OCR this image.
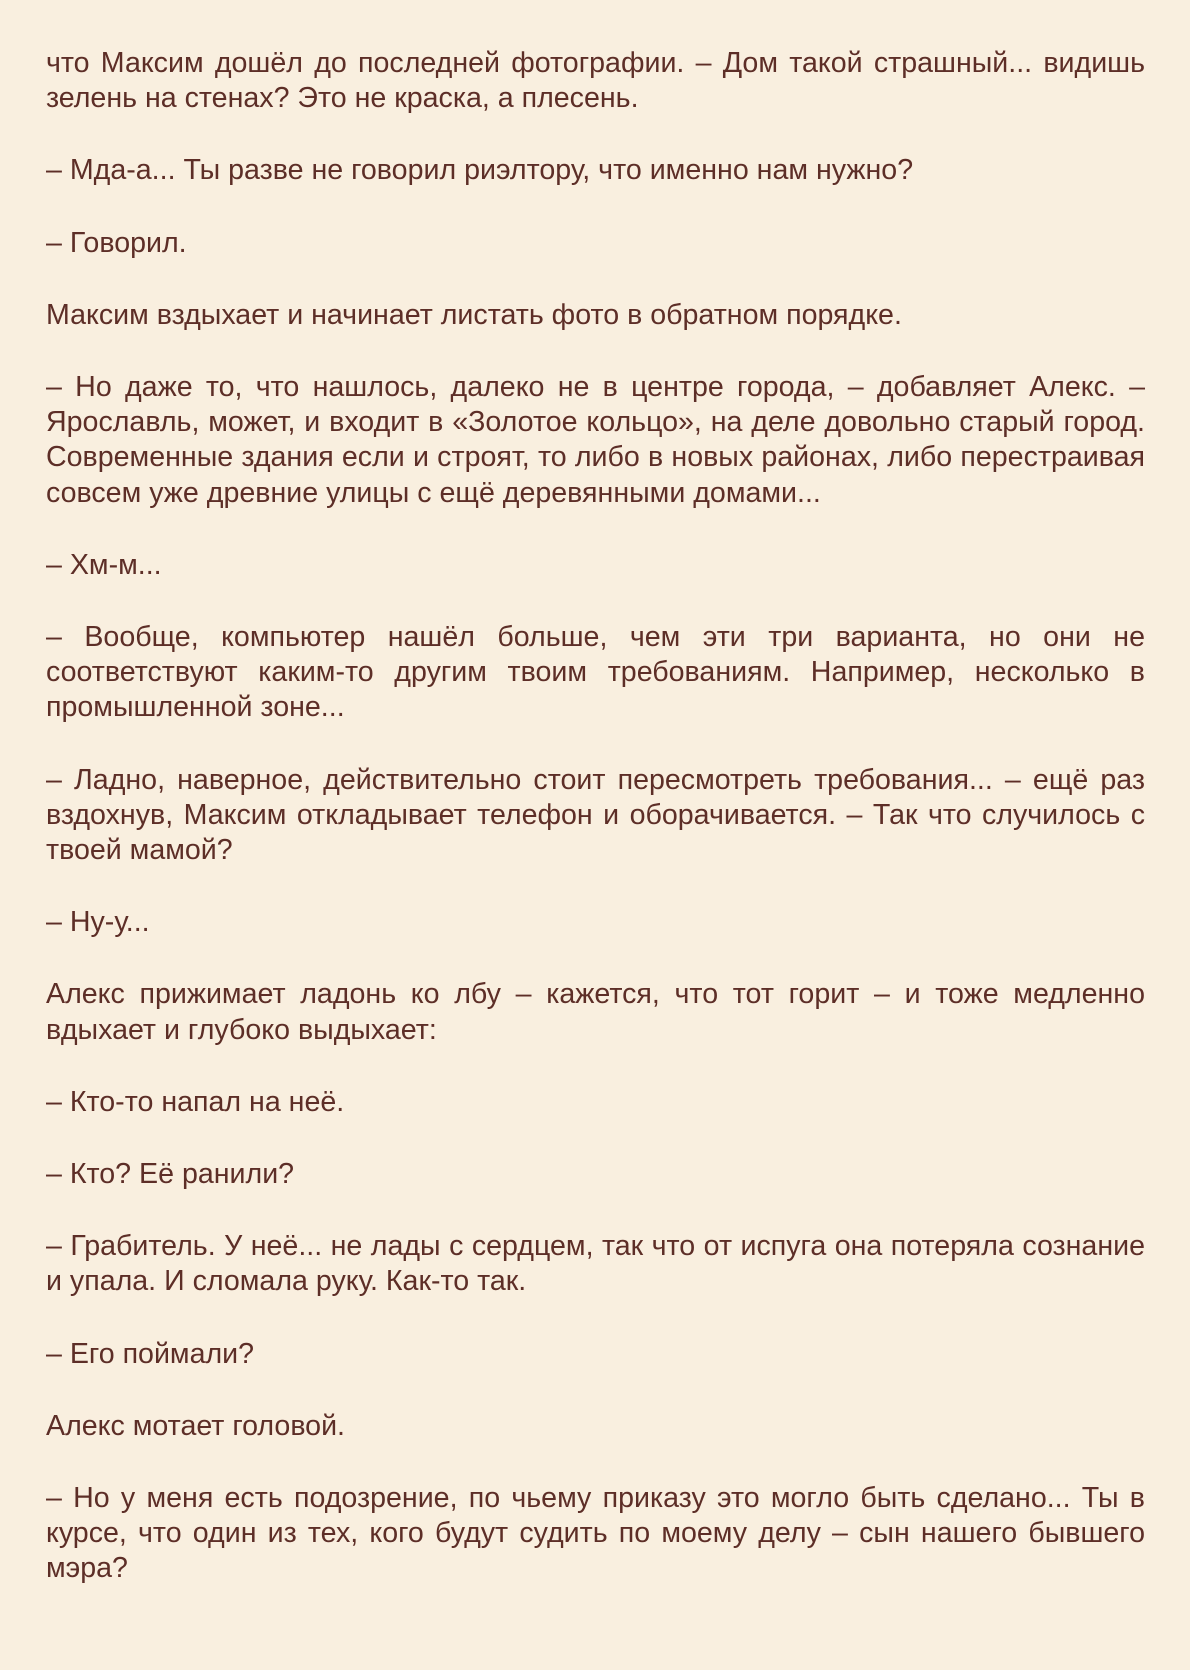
что Максим дошёл до последней фотографии. – Дом такой страшный... видишь зелень на стенах? Это не краска, а плесень.

– Мда-а... Ты разве не говорил риэлтору, что именно нам нужно?

– Говорил.

Максим вздыхает и начинает листать фото в обратном порядке.

– Но даже то, что нашлось, далеко не в центре города, – добавляет Алекс. – Ярославль, может, и входит в «Золотое кольцо», на деле довольно старый город. Современные здания если и строят, то либо в новых районах, либо перестраивая совсем уже древние улицы с ещё деревянными домами...

– Хм-м...

– Вообще, компьютер нашёл больше, чем эти три варианта, но они не соответствуют каким-то другим твоим требованиям. Например, несколько в промышленной зоне...

– Ладно, наверное, действительно стоит пересмотреть требования... – ещё раз вздохнув, Максим откладывает телефон и оборачивается. – Так что случилось с твоей мамой?

– Ну-у...

Алекс прижимает ладонь ко лбу – кажется, что тот горит – и тоже медленно вдыхает и глубоко выдыхает:

– Кто-то напал на неё.

– Кто? Её ранили?

– Грабитель. У неё... не лады с сердцем, так что от испуга она потеряла сознание и упала. И сломала руку. Как-то так.

– Его поймали?

Алекс мотает головой.

– Но у меня есть подозрение, по чьему приказу это могло быть сделано... Ты в курсе, что один из тех, кого будут судить по моему делу – сын нашего бывшего мэра?
